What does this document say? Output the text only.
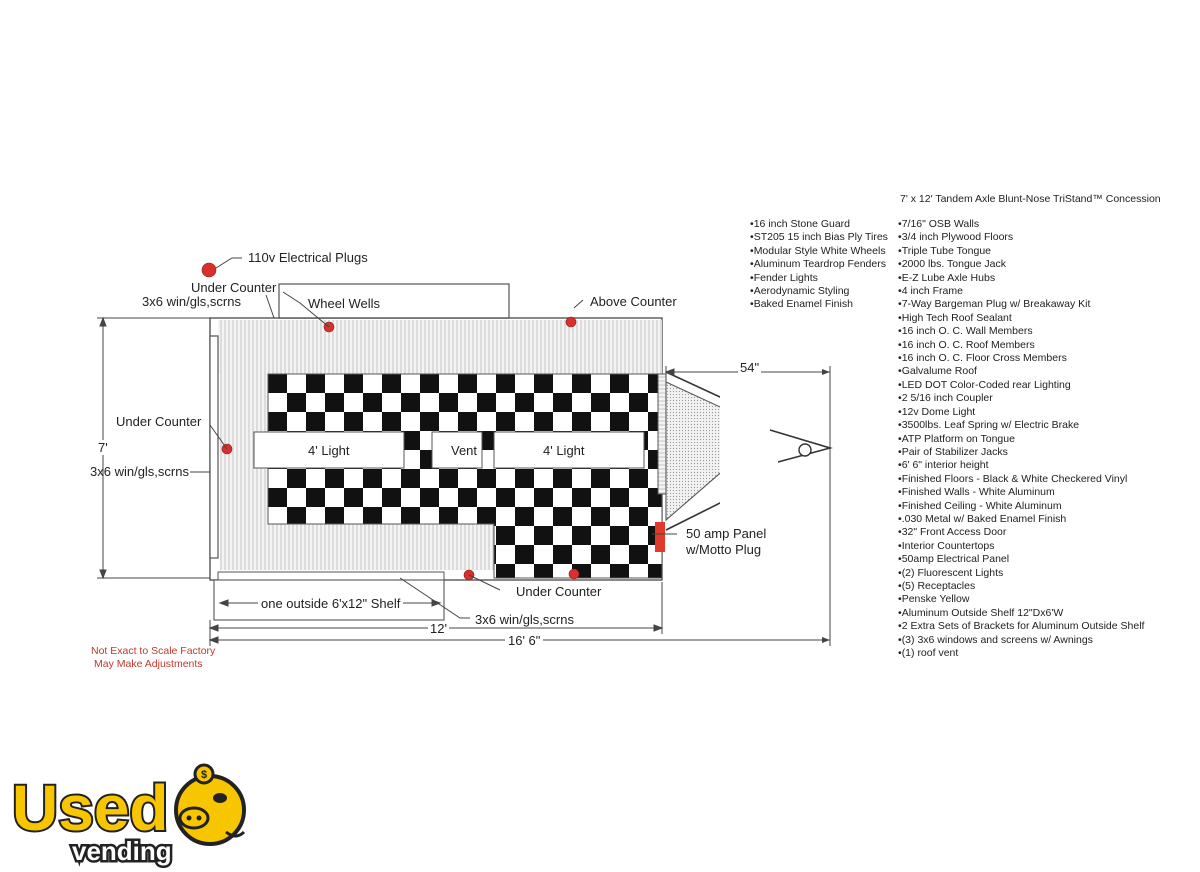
110v Electrical Plugs
Under Counter
3x6 win/gls,scrns	Wheel Wells	Above Counter
Under Counter
3x6 win/gls,scrns
4' Light	Vent	4' Light
50 amp Panel
w/Motto Plug
Under Counter
one outside 6'x12" Shelf
3x6 win/gls,scrns
7'
54"
12'
16' 6"
7' x 12' Tandem Axle Blunt-Nose TriStand™ Concession
• 16 inch Stone Guard
• ST205 15 inch Bias Ply Tires
• Modular Style White Wheels
• Aluminum Teardrop Fenders
• Fender Lights
• Aerodynamic Styling
• Baked Enamel Finish
• 7/16" OSB Walls
• 3/4 inch Plywood Floors
• Triple Tube Tongue
• 2000 lbs. Tongue Jack
• E-Z Lube Axle Hubs
• 4 inch Frame
• 7-Way Bargeman Plug w/ Breakaway Kit
• High Tech Roof Sealant
• 16 inch O. C. Wall Members
• 16 inch O. C. Roof Members
• 16 inch O. C. Floor Cross Members
• Galvalume Roof
• LED DOT Color-Coded rear Lighting
• 2 5/16 inch Coupler
• 12v Dome Light
• 3500lbs. Leaf Spring w/ Electric Brake
• ATP Platform on Tongue
• Pair of Stabilizer Jacks
• 6' 6" interior height
• Finished Floors - Black & White Checkered Vinyl
• Finished Walls - White Aluminum
• Finished Ceiling - White Aluminum
• .030 Metal w/ Baked Enamel Finish
• 32" Front Access Door
• Interior Countertops
• 50amp Electrical Panel
• (2) Fluorescent Lights
• (5) Receptacles
• Penske Yellow
• Aluminum Outside Shelf 12"Dx6'W
• 2 Extra Sets of Brackets for Aluminum Outside Shelf
• (3) 3x6 windows and screens w/ Awnings
• (1) roof vent
Not Exact to Scale Factory
May Make Adjustments
$
Used
vending
